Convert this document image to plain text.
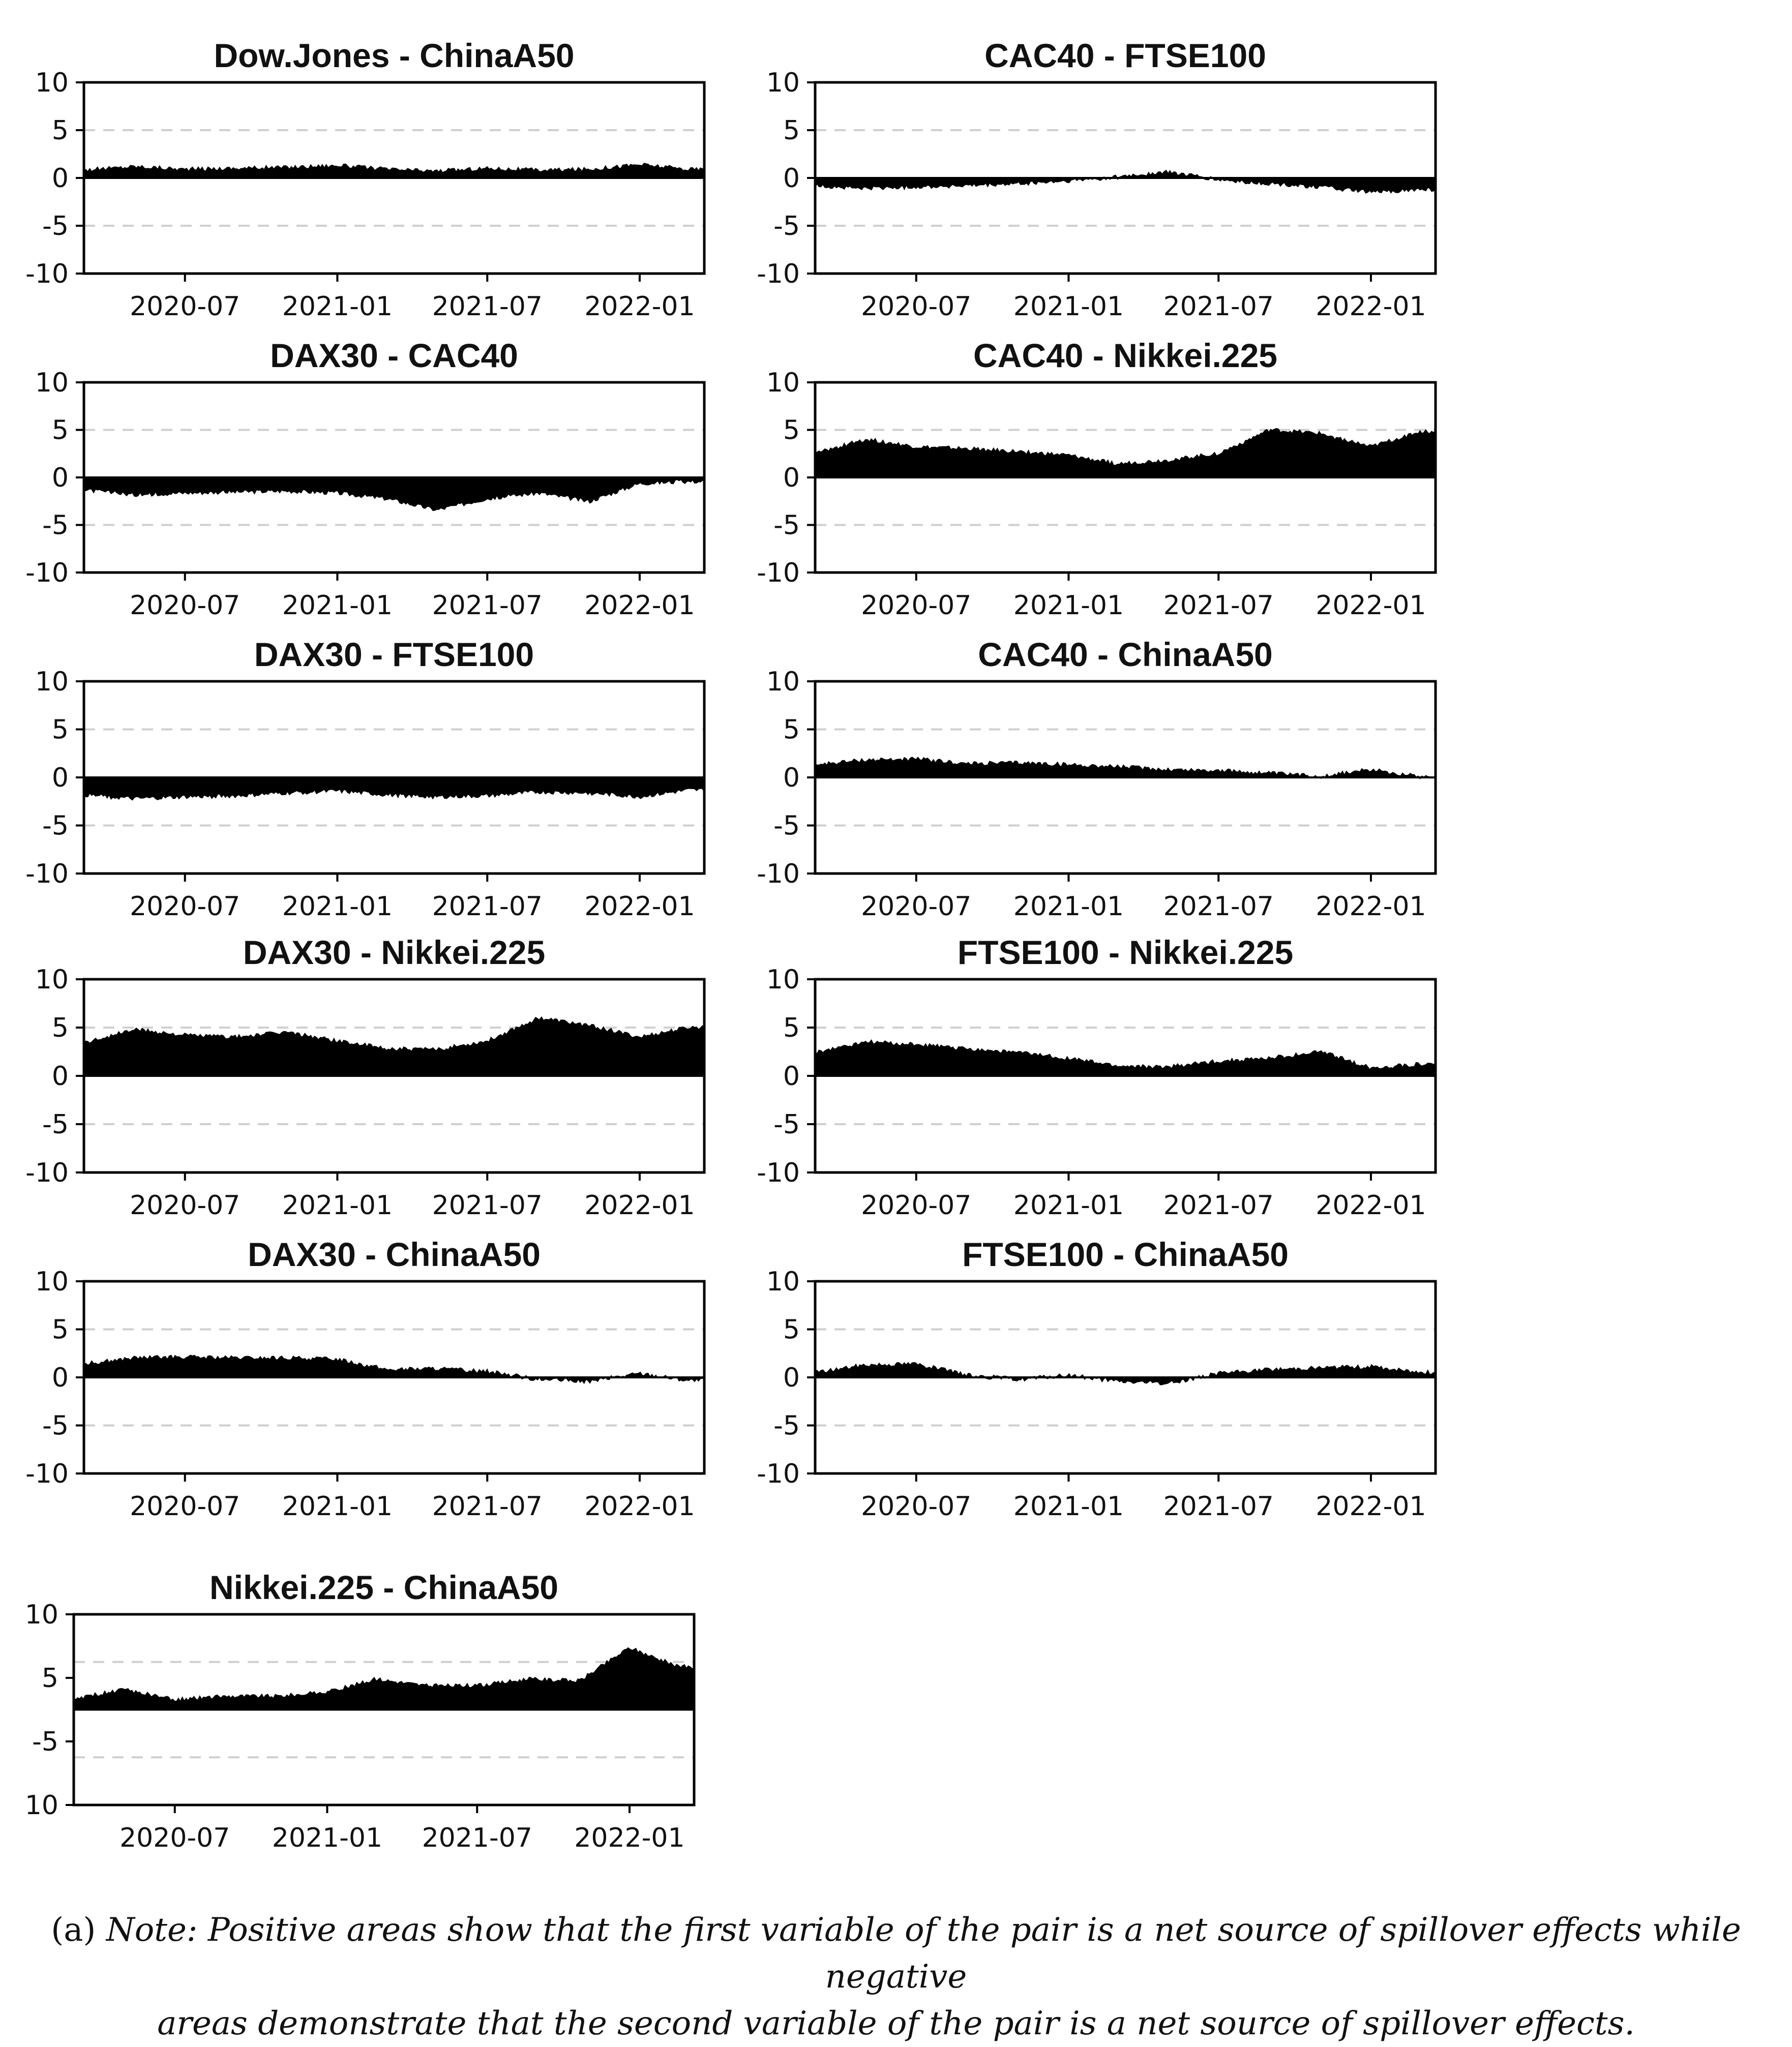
Dow.Jones - ChinaA50
10
5
0
-5
-10
2020-07 2021-01 2021-07 2022-01
CAC40 - FTSE100
10
5
0
-5
-10
2020-07 2021-01 2021-07 2022-01
DAX30 - CAC40
10
5
0
-5
-10
2020-07 2021-01 2021-07 2022-01
CAC40 - Nikkei.225
10
5
0
-5
-10
2020-07 2021-01 2021-07 2022-01
DAX30 - FTSE100
10
5
0
-5
-10
2020-07 2021-01 2021-07 2022-01
CAC40 - ChinaA50
10
5
0
-5
-10
2020-07 2021-01 2021-07 2022-01
DAX30 - Nikkei.225
10
5
0
-5
-10
2020-07 2021-01 2021-07 2022-01
FTSE100 - Nikkei.225
10
5
0
-5
-10
2020-07 2021-01 2021-07 2022-01
DAX30 - ChinaA50
10
5
0
-5
-10
2020-07 2021-01 2021-07 2022-01
FTSE100 - ChinaA50
10
5
0
-5
-10
2020-07 2021-01 2021-07 2022-01
Nikkei.225 - ChinaA50
10
5
-5
10
2020-07 2021-01 2021-07 2022-01
(a) Note: Positive areas show that the first variable of the pair is a net source of spillover effects while negative
areas demonstrate that the second variable of the pair is a net source of spillover effects.
